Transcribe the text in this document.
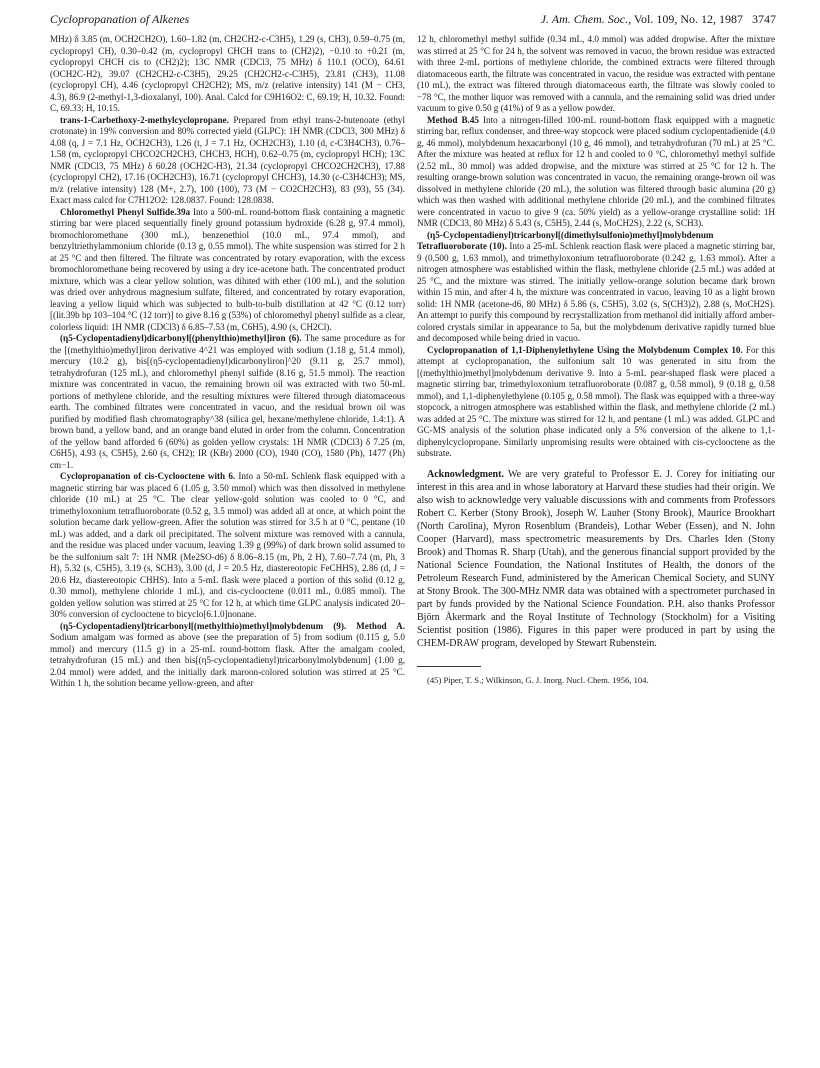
Cyclopropanation of Alkenes	J. Am. Chem. Soc., Vol. 109, No. 12, 1987 3747

MHz) δ 3.85 (m, OCH2CH2O), 1.60–1.82 (m, CH2CH2-c-C3H5), 1.29 (s, CH3), 0.59–0.75 (m, cyclopropyl CH), 0.30–0.42 (m, cyclopropyl CHCH trans to (CH2)2), −0.10 to +0.21 (m, cyclopropyl CHCH cis to (CH2)2); 13C NMR (CDCl3, 75 MHz) δ 110.1 (OCO), 64.61 (OCH2C-H2), 39.07 (CH2CH2-c-C3H5), 29.25 (CH2CH2-c-C3H5), 23.81 (CH3), 11.08 (cyclopropyl CH), 4.46 (cyclopropyl CH2CH2); MS, m/z (relative intensity) 141 (M − CH3, 4.3), 86.9 (2-methyl-1,3-dioxalanyl, 100). Anal. Calcd for C9H16O2: C, 69.19; H, 10.32. Found: C, 69.33; H, 10.15.

trans-1-Carbethoxy-2-methylcyclopropane. Prepared from ethyl trans-2-butenoate (ethyl crotonate) in 19% conversion and 80% corrected yield (GLPC): 1H NMR (CDCl3, 300 MHz) δ 4.08 (q, J = 7.1 Hz, OCH2CH3), 1.26 (t, J = 7.1 Hz, OCH2CH3), 1.10 (d, c-C3H4CH3), 0.76–1.58 (m, cyclopropyl CHCO2CH2CH3, CHCH3, HCH), 0.62–0.75 (m, cyclopropyl HCH); 13C NMR (CDCl3, 75 MHz) δ 60.28 (OCH2C-H3), 21.34 (cyclopropyl CHCO2CH2CH3), 17.88 (cyclopropyl CH2), 17.16 (OCH2CH3), 16.71 (cyclopropyl CHCH3), 14.30 (c-C3H4CH3); MS, m/z (relative intensity) 128 (M+, 2.7), 100 (100), 73 (M − CO2CH2CH3), 83 (93), 55 (34). Exact mass calcd for C7H12O2: 128.0837. Found: 128.0838.

Chloromethyl Phenyl Sulfide.39a Into a 500-mL round-bottom flask containing a magnetic stirring bar were placed sequentially finely ground potassium hydroxide (6.28 g, 97.4 mmol), bromochloromethane (300 mL), benzenethiol (10.0 mL, 97.4 mmol), and benzyltriethylammonium chloride (0.13 g, 0.55 mmol). The white suspension was stirred for 2 h at 25 °C and then filtered. The filtrate was concentrated by rotary evaporation, with the excess bromochloromethane being recovered by using a dry ice-acetone bath. The concentrated product mixture, which was a clear yellow solution, was diluted with ether (100 mL), and the solution was dried over anhydrous magnesium sulfate, filtered, and concentrated by rotary evaporation, leaving a yellow liquid which was subjected to bulb-to-bulb distillation at 42 °C (0.12 torr) [(lit.39b bp 103–104 °C (12 torr)] to give 8.16 g (53%) of chloromethyl phenyl sulfide as a clear, colorless liquid: 1H NMR (CDCl3) δ 6.85–7.53 (m, C6H5), 4.90 (s, CH2Cl).

(η5-Cyclopentadienyl)dicarbonyl[(phenylthio)methyl]iron (6). The same procedure as for the [(methylthio)methyl]iron derivative 4^21 was employed with sodium (1.18 g, 51.4 mmol), mercury (10.2 g), bis[(η5-cyclopentadienyl)dicarbonyliron]^20 (9.11 g, 25.7 mmol), tetrahydrofuran (125 mL), and chloromethyl phenyl sulfide (8.16 g, 51.5 mmol). The reaction mixture was concentrated in vacuo, the remaining brown oil was extracted with two 50-mL portions of methylene chloride, and the resulting mixtures were filtered through diatomaceous earth. The combined filtrates were concentrated in vacuo, and the residual brown oil was purified by modified flash chromatography^38 (silica gel, hexane/methylene chloride, 1.4:1). A brown band, a yellow band, and an orange band eluted in order from the column. Concentration of the yellow band afforded 6 (60%) as golden yellow crystals: 1H NMR (CDCl3) δ 7.25 (m, C6H5), 4.93 (s, C5H5), 2.60 (s, CH2); IR (KBr) 2000 (CO), 1940 (CO), 1580 (Ph), 1477 (Ph) cm−1.

Cyclopropanation of cis-Cyclooctene with 6. Into a 50-mL Schlenk flask equipped with a magnetic stirring bar was placed 6 (1.05 g, 3.50 mmol) which was then dissolved in methylene chloride (10 mL) at 25 °C. The clear yellow-gold solution was cooled to 0 °C, and trimethyloxonium tetrafluoroborate (0.52 g, 3.5 mmol) was added all at once, at which point the solution became dark yellow-green. After the solution was stirred for 3.5 h at 0 °C, pentane (10 mL) was added, and a dark oil precipitated. The solvent mixture was removed with a cannula, and the residue was placed under vacuum, leaving 1.39 g (99%) of dark brown solid assumed to be the sulfonium salt 7: 1H NMR (Me2SO-d6) δ 8.06–8.15 (m, Ph, 2 H), 7.60–7.74 (m, Ph, 3 H), 5.32 (s, C5H5), 3.19 (s, SCH3), 3.00 (d, J = 20.5 Hz, diastereotopic FeCHHS), 2.86 (d, J = 20.6 Hz, diastereotopic CHHS). Into a 5-mL flask were placed a portion of this solid (0.12 g, 0.30 mmol), methylene chloride 1 mL), and cis-cyclooctene (0.011 mL, 0.085 mmol). The golden yellow solution was stirred at 25 °C for 12 h, at which time GLPC analysis indicated 20–30% conversion of cyclooctene to bicyclo[6.1.0]nonane.

(η5-Cyclopentadienyl)tricarbonyl[(methylthio)methyl]molybdenum (9). Method A. Sodium amalgam was formed as above (see the preparation of 5) from sodium (0.115 g, 5.0 mmol) and mercury (11.5 g) in a 25-mL round-bottom flask. After the amalgam cooled, tetrahydrofuran (15 mL) and then bis[(η5-cyclopentadienyl)tricarbonylmolybdenum] (1.00 g, 2.04 mmol) were added, and the initially dark maroon-colored solution was stirred at 25 °C. Within 1 h, the solution became yellow-green, and after

12 h, chloromethyl methyl sulfide (0.34 mL, 4.0 mmol) was added dropwise. After the mixture was stirred at 25 °C for 24 h, the solvent was removed in vacuo, the brown residue was extracted with three 2-mL portions of methylene chloride, the combined extracts were filtered through diatomaceous earth, the filtrate was concentrated in vacuo, the residue was extracted with pentane (10 mL), the extract was filtered through diatomaceous earth, the filtrate was slowly cooled to −78 °C, the mother liquor was removed with a cannula, and the remaining solid was dried under vacuum to give 0.50 g (41%) of 9 as a yellow powder.

Method B.45 Into a nitrogen-filled 100-mL round-bottom flask equipped with a magnetic stirring bar, reflux condenser, and three-way stopcock were placed sodium cyclopentadienide (4.0 g, 46 mmol), molybdenum hexacarbonyl (10 g, 46 mmol), and tetrahydrofuran (70 mL) at 25 °C. After the mixture was heated at reflux for 12 h and cooled to 0 °C, chloromethyl methyl sulfide (2.52 mL, 30 mmol) was added dropwise, and the mixture was stirred at 25 °C for 12 h. The resulting orange-brown solution was concentrated in vacuo, the remaining orange-brown oil was dissolved in methylene chloride (20 mL), the solution was filtered through basic alumina (20 g) which was then washed with additional methylene chloride (20 mL), and the combined filtrates were concentrated in vacuo to give 9 (ca. 50% yield) as a yellow-orange crystalline solid: 1H NMR (CDCl3, 80 MHz) δ 5.43 (s, C5H5), 2.44 (s, MoCH2S), 2.22 (s, SCH3).

(η5-Cyclopentadienyl)tricarbonyl[(dimethylsulfonio)methyl]molybdenum Tetrafluoroborate (10). Into a 25-mL Schlenk reaction flask were placed a magnetic stirring bar, 9 (0.500 g, 1.63 mmol), and trimethyloxonium tetrafluoroborate (0.242 g, 1.63 mmol). After a nitrogen atmosphere was established within the flask, methylene chloride (2.5 mL) was added at 25 °C, and the mixture was stirred. The initially yellow-orange solution became dark brown within 15 min, and after 4 h, the mixture was concentrated in vacuo, leaving 10 as a light brown solid: 1H NMR (acetone-d6, 80 MHz) δ 5.86 (s, C5H5), 3.02 (s, S(CH3)2), 2.88 (s, MoCH2S). An attempt to purify this compound by recrystallization from methanol did initially afford amber-colored crystals similar in appearance to 5a, but the molybdenum derivative rapidly turned blue and decomposed while being dried in vacuo.

Cyclopropanation of 1,1-Diphenylethylene Using the Molybdenum Complex 10. For this attempt at cyclopropanation, the sulfonium salt 10 was generated in situ from the [(methylthio)methyl]molybdenum derivative 9. Into a 5-mL pear-shaped flask were placed a magnetic stirring bar, trimethyloxonium tetrafluoroborate (0.087 g, 0.58 mmol), 9 (0.18 g, 0.58 mmol), and 1,1-diphenylethylene (0.105 g, 0.58 mmol). The flask was equipped with a three-way stopcock, a nitrogen atmosphere was established within the flask, and methylene chloride (2 mL) was added at 25 °C. The mixture was stirred for 12 h, and pentane (1 mL) was added. GLPC and GC-MS analysis of the solution phase indicated only a 5% conversion of the alkene to 1,1-diphenylcyclopropane. Similarly unpromising results were obtained with cis-cyclooctene as the substrate.

Acknowledgment. We are very grateful to Professor E. J. Corey for initiating our interest in this area and in whose laboratory at Harvard these studies had their origin. We also wish to acknowledge very valuable discussions with and comments from Professors Robert C. Kerber (Stony Brook), Joseph W. Lauher (Stony Brook), Maurice Brookhart (North Carolina), Myron Rosenblum (Brandeis), Lothar Weber (Essen), and N. John Cooper (Harvard), mass spectrometric measurements by Drs. Charles Iden (Stony Brook) and Thomas R. Sharp (Utah), and the generous financial support provided by the National Science Foundation, the National Institutes of Health, the donors of the Petroleum Research Fund, administered by the American Chemical Society, and SUNY at Stony Brook. The 300-MHz NMR data was obtained with a spectrometer purchased in part by funds provided by the National Science Foundation. P.H. also thanks Professor Björn Åkermark and the Royal Institute of Technology (Stockholm) for a Visiting Scientist position (1986). Figures in this paper were produced in part by using the CHEM-DRAW program, developed by Stewart Rubenstein.

(45) Piper, T. S.; Wilkinson, G. J. Inorg. Nucl. Chem. 1956, 104.
